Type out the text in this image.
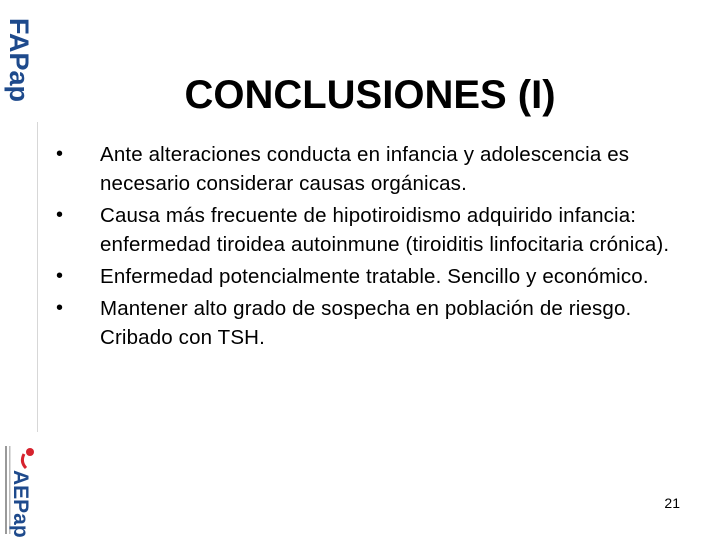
FAPap
AEPap
CONCLUSIONES (I)
•	Ante alteraciones conducta en infancia y adolescencia es necesario considerar causas orgánicas.
•	Causa más frecuente de hipotiroidismo adquirido infancia: enfermedad tiroidea autoinmune (tiroiditis linfocitaria crónica).
•	Enfermedad potencialmente tratable. Sencillo y económico.
•	Mantener alto grado de sospecha en población de riesgo. Cribado con TSH.
21
